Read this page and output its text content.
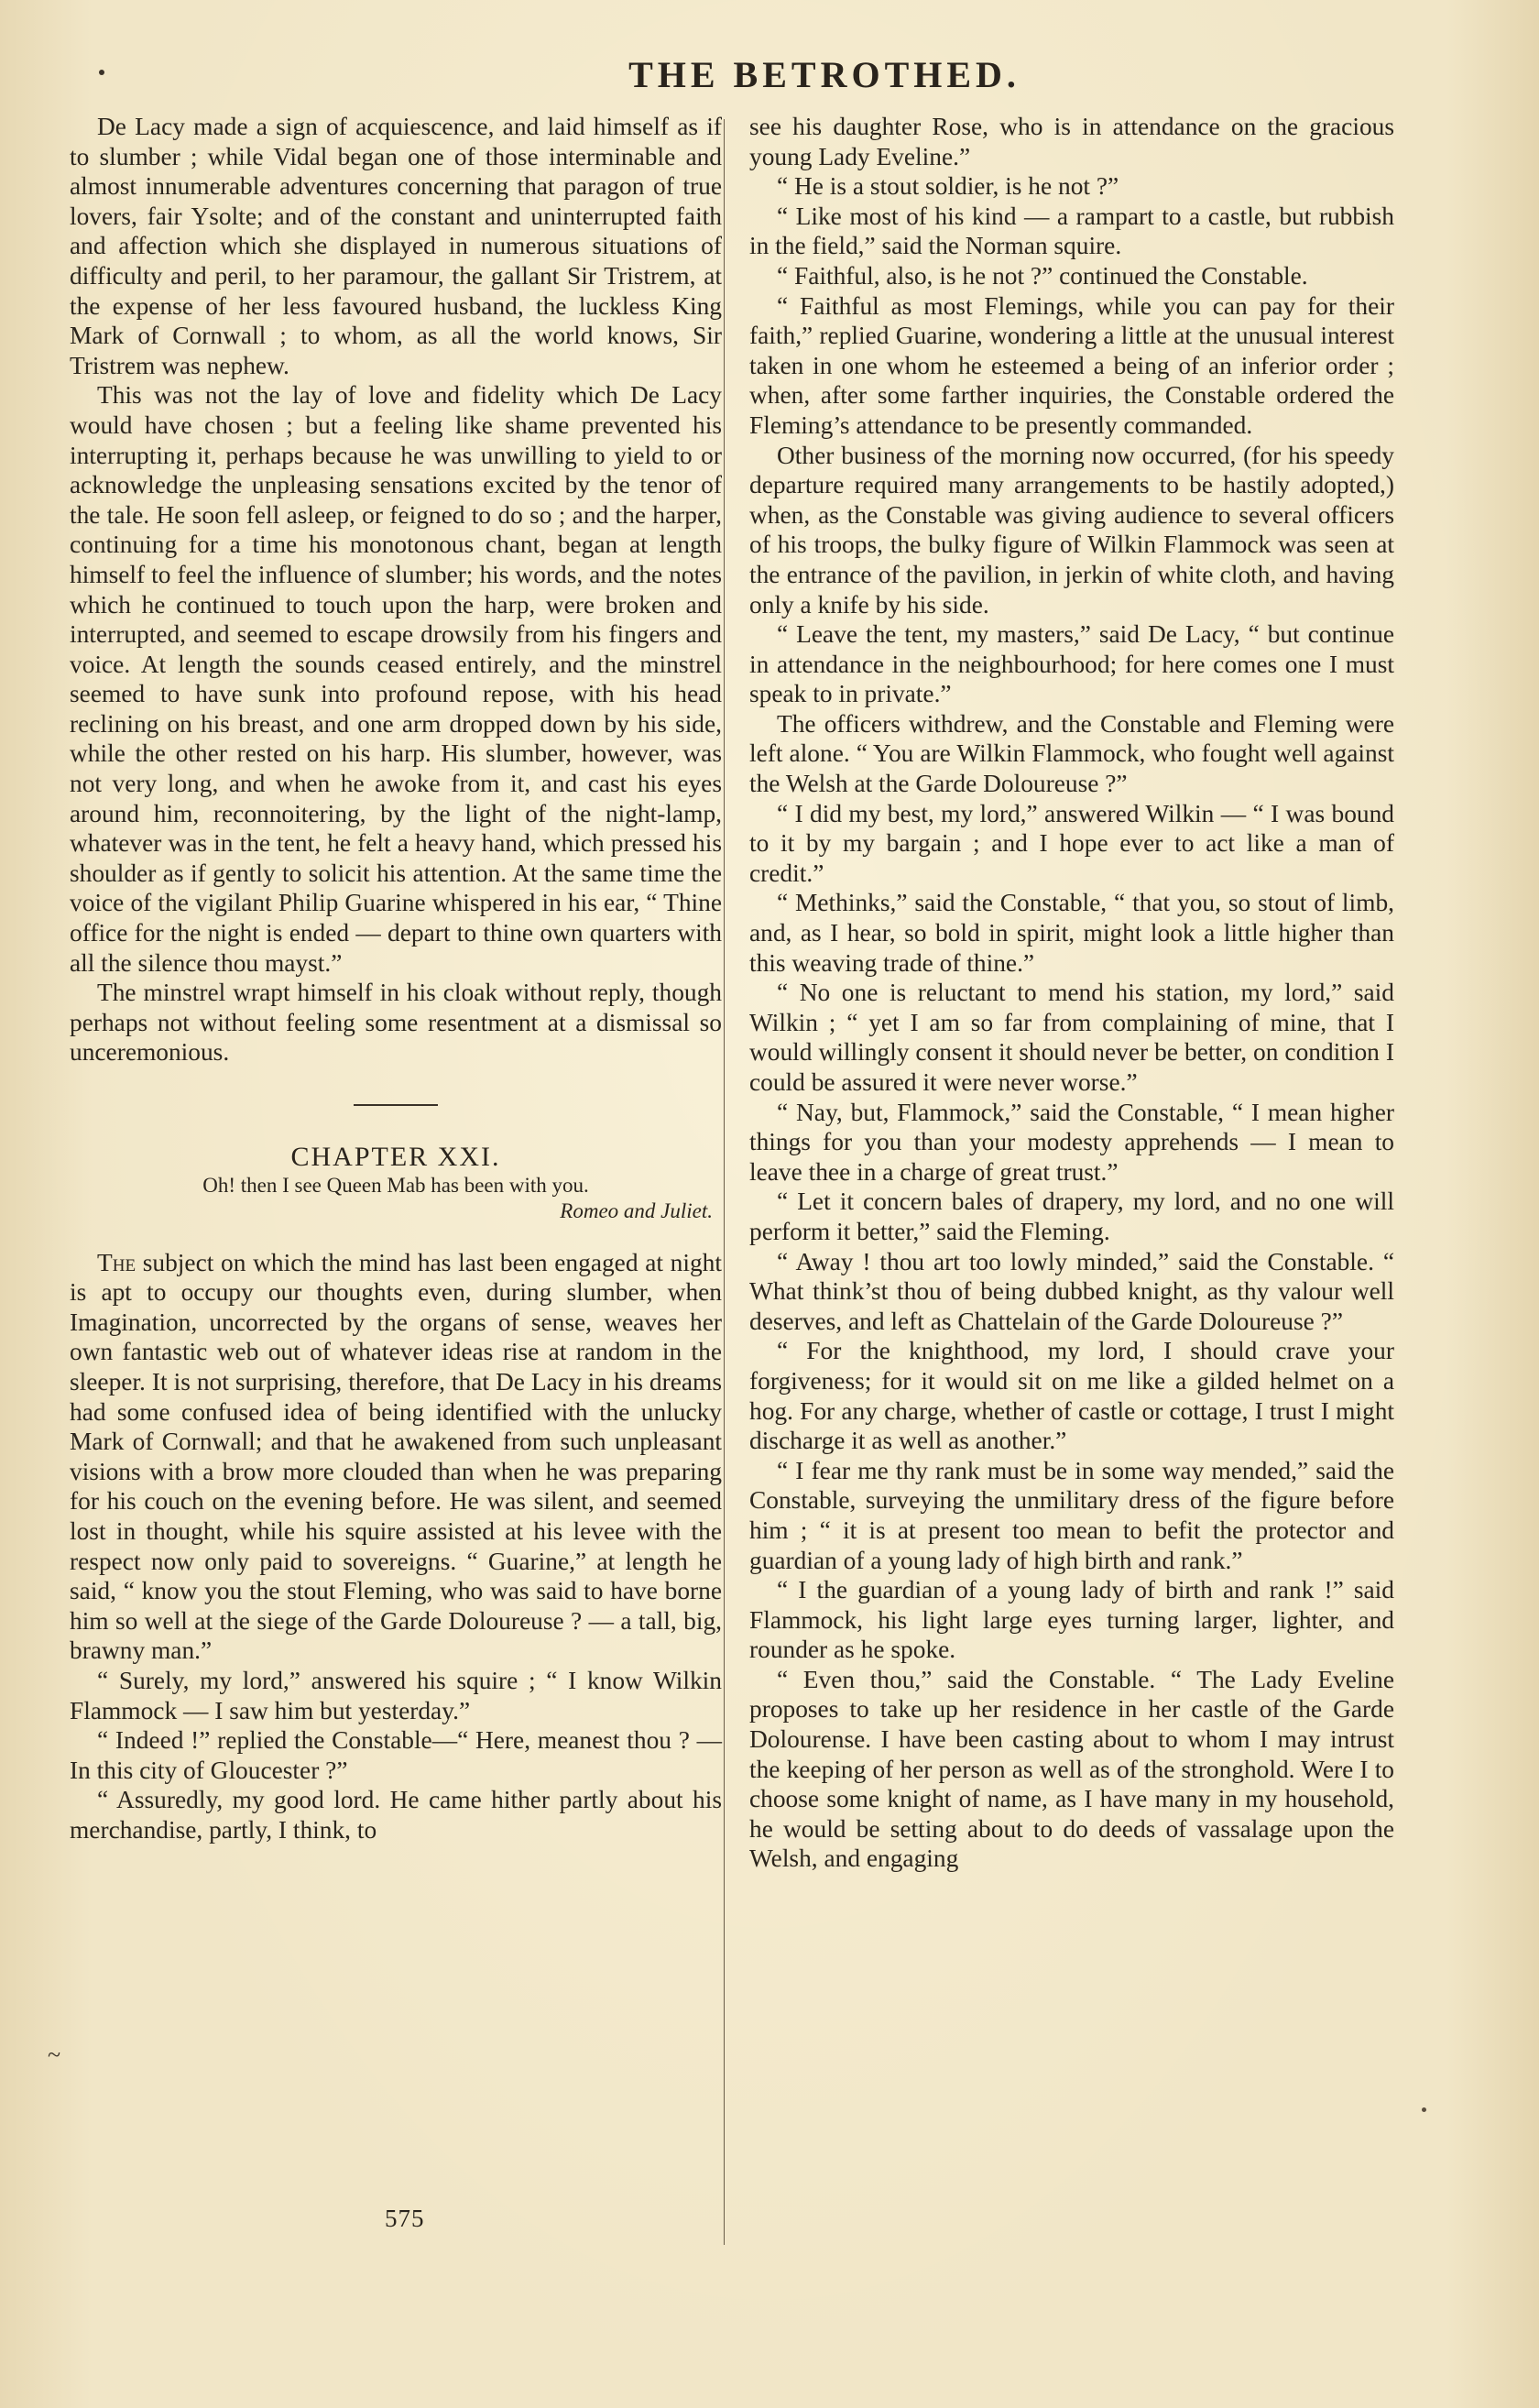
THE BETROTHED.

De Lacy made a sign of acquiescence, and laid himself as if to slumber ; while Vidal began one of those interminable and almost innumerable adventures concerning that paragon of true lovers, fair Ysolte; and of the constant and uninterrupted faith and affection which she displayed in numerous situations of difficulty and peril, to her paramour, the gallant Sir Tristrem, at the expense of her less favoured husband, the luckless King Mark of Cornwall ; to whom, as all the world knows, Sir Tristrem was nephew.

This was not the lay of love and fidelity which De Lacy would have chosen ; but a feeling like shame prevented his interrupting it, perhaps because he was unwilling to yield to or acknowledge the unpleasing sensations excited by the tenor of the tale. He soon fell asleep, or feigned to do so ; and the harper, continuing for a time his monotonous chant, began at length himself to feel the influence of slumber; his words, and the notes which he continued to touch upon the harp, were broken and interrupted, and seemed to escape drowsily from his fingers and voice. At length the sounds ceased entirely, and the minstrel seemed to have sunk into profound repose, with his head reclining on his breast, and one arm dropped down by his side, while the other rested on his harp. His slumber, however, was not very long, and when he awoke from it, and cast his eyes around him, reconnoitering, by the light of the night-lamp, whatever was in the tent, he felt a heavy hand, which pressed his shoulder as if gently to solicit his attention. At the same time the voice of the vigilant Philip Guarine whispered in his ear, “ Thine office for the night is ended — depart to thine own quarters with all the silence thou mayst.”

The minstrel wrapt himself in his cloak without reply, though perhaps not without feeling some resentment at a dismissal so unceremonious.

CHAPTER XXI.

Oh! then I see Queen Mab has been with you.
Romeo and Juliet.

The subject on which the mind has last been engaged at night is apt to occupy our thoughts even, during slumber, when Imagination, uncorrected by the organs of sense, weaves her own fantastic web out of whatever ideas rise at random in the sleeper. It is not surprising, therefore, that De Lacy in his dreams had some confused idea of being identified with the unlucky Mark of Cornwall; and that he awakened from such unpleasant visions with a brow more clouded than when he was preparing for his couch on the evening before. He was silent, and seemed lost in thought, while his squire assisted at his levee with the respect now only paid to sovereigns. “ Guarine,” at length he said, “ know you the stout Fleming, who was said to have borne him so well at the siege of the Garde Doloureuse ? — a tall, big, brawny man.”

“ Surely, my lord,” answered his squire ; “ I know Wilkin Flammock — I saw him but yesterday.”

“ Indeed !” replied the Constable—“ Here, meanest thou ? — In this city of Gloucester ?”

“ Assuredly, my good lord. He came hither partly about his merchandise, partly, I think, to

see his daughter Rose, who is in attendance on the gracious young Lady Eveline.”

“ He is a stout soldier, is he not ?”

“ Like most of his kind — a rampart to a castle, but rubbish in the field,” said the Norman squire.

“ Faithful, also, is he not ?” continued the Constable.

“ Faithful as most Flemings, while you can pay for their faith,” replied Guarine, wondering a little at the unusual interest taken in one whom he esteemed a being of an inferior order ; when, after some farther inquiries, the Constable ordered the Fleming’s attendance to be presently commanded.

Other business of the morning now occurred, (for his speedy departure required many arrangements to be hastily adopted,) when, as the Constable was giving audience to several officers of his troops, the bulky figure of Wilkin Flammock was seen at the entrance of the pavilion, in jerkin of white cloth, and having only a knife by his side.

“ Leave the tent, my masters,” said De Lacy, “ but continue in attendance in the neighbourhood; for here comes one I must speak to in private.”

The officers withdrew, and the Constable and Fleming were left alone. “ You are Wilkin Flammock, who fought well against the Welsh at the Garde Doloureuse ?”

“ I did my best, my lord,” answered Wilkin — “ I was bound to it by my bargain ; and I hope ever to act like a man of credit.”

“ Methinks,” said the Constable, “ that you, so stout of limb, and, as I hear, so bold in spirit, might look a little higher than this weaving trade of thine.”

“ No one is reluctant to mend his station, my lord,” said Wilkin ; “ yet I am so far from complaining of mine, that I would willingly consent it should never be better, on condition I could be assured it were never worse.”

“ Nay, but, Flammock,” said the Constable, “ I mean higher things for you than your modesty apprehends — I mean to leave thee in a charge of great trust.”

“ Let it concern bales of drapery, my lord, and no one will perform it better,” said the Fleming.

“ Away ! thou art too lowly minded,” said the Constable. “ What think’st thou of being dubbed knight, as thy valour well deserves, and left as Chattelain of the Garde Doloureuse ?”

“ For the knighthood, my lord, I should crave your forgiveness; for it would sit on me like a gilded helmet on a hog. For any charge, whether of castle or cottage, I trust I might discharge it as well as another.”

“ I fear me thy rank must be in some way mended,” said the Constable, surveying the unmilitary dress of the figure before him ; “ it is at present too mean to befit the protector and guardian of a young lady of high birth and rank.”

“ I the guardian of a young lady of birth and rank !” said Flammock, his light large eyes turning larger, lighter, and rounder as he spoke.

“ Even thou,” said the Constable. “ The Lady Eveline proposes to take up her residence in her castle of the Garde Dolourense. I have been casting about to whom I may intrust the keeping of her person as well as of the stronghold. Were I to choose some knight of name, as I have many in my household, he would be setting about to do deeds of vassalage upon the Welsh, and engaging

~
575
